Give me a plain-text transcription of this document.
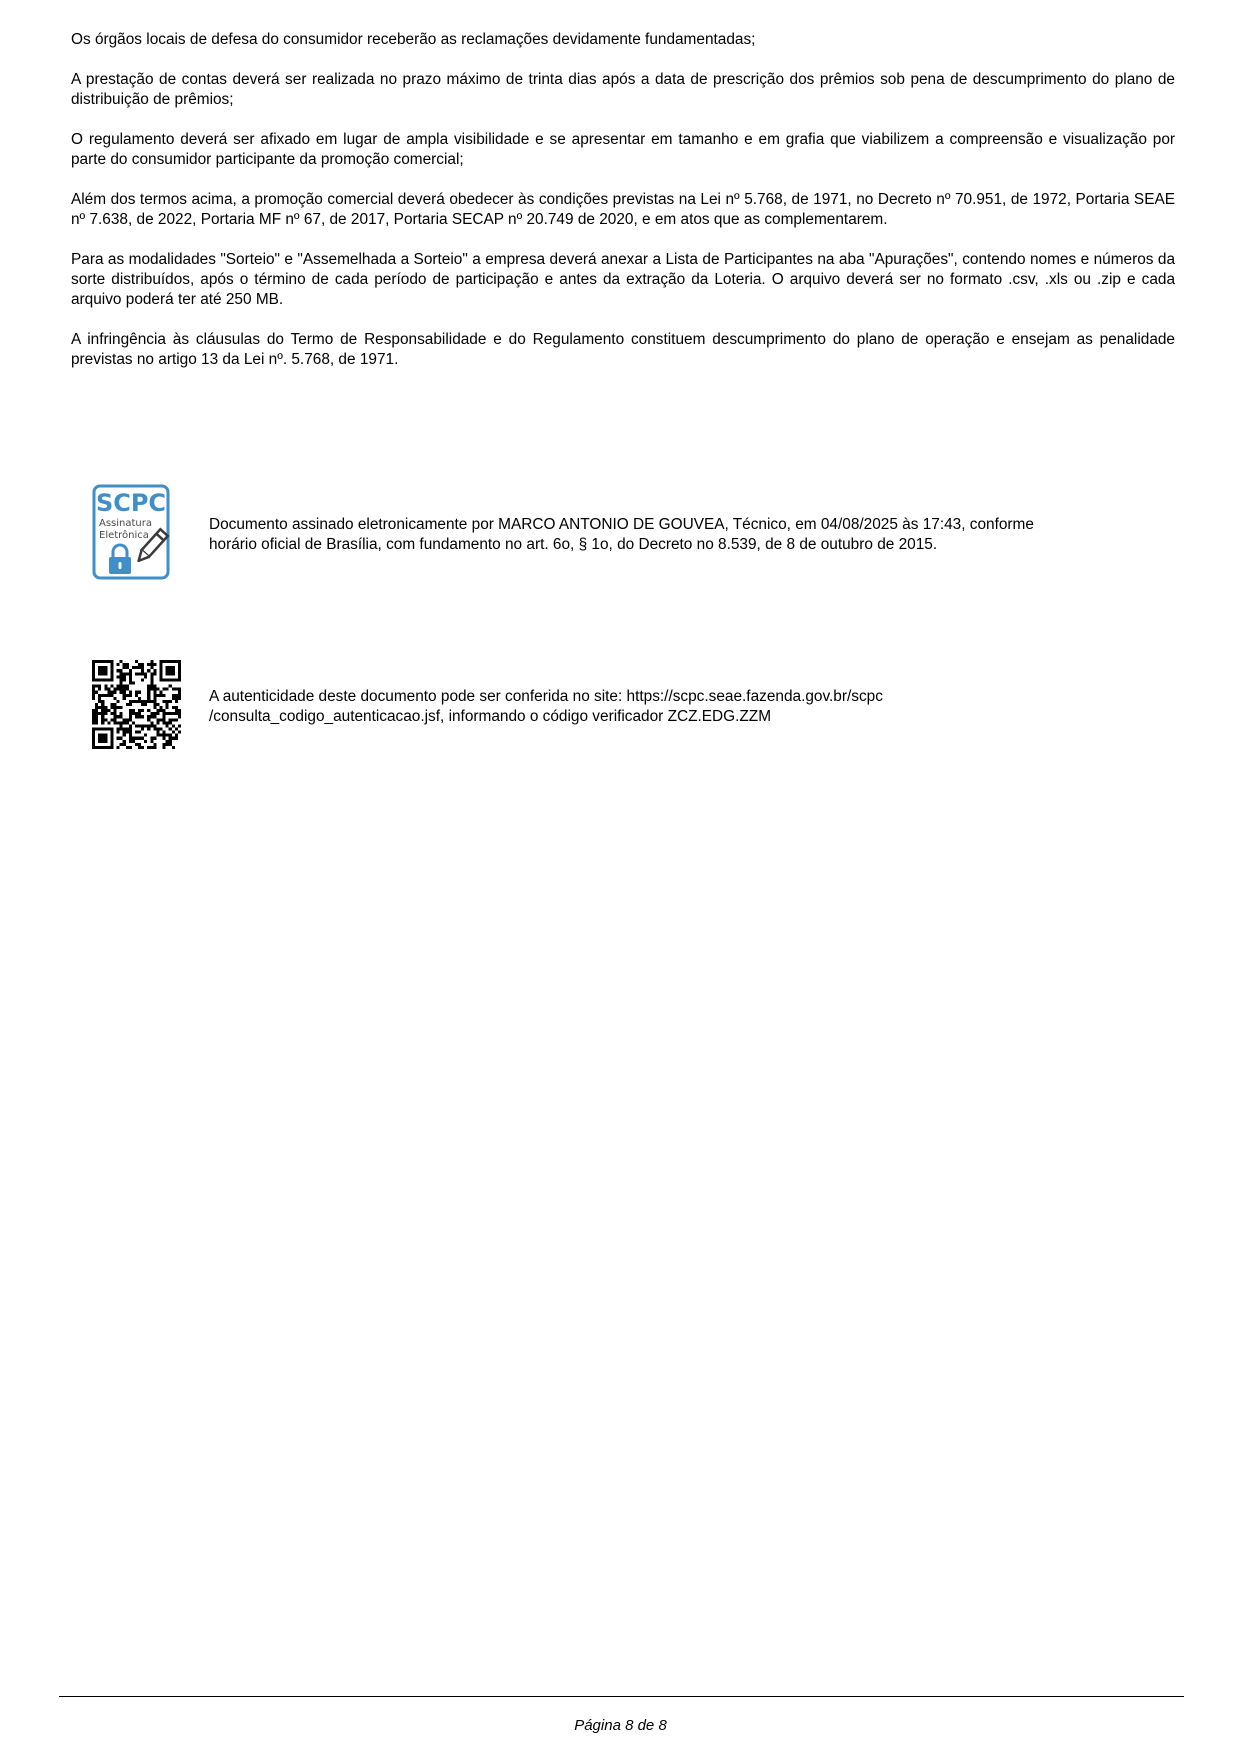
Os órgãos locais de defesa do consumidor receberão as reclamações devidamente fundamentadas;

A prestação de contas deverá ser realizada no prazo máximo de trinta dias após a data de prescrição dos prêmios sob pena de descumprimento do plano de distribuição de prêmios;

O regulamento deverá ser afixado em lugar de ampla visibilidade e se apresentar em tamanho e em grafia que viabilizem a compreensão e visualização por parte do consumidor participante da promoção comercial;

Além dos termos acima, a promoção comercial deverá obedecer às condições previstas na Lei nº 5.768, de 1971, no Decreto nº 70.951, de 1972, Portaria SEAE nº 7.638, de 2022, Portaria MF nº 67, de 2017, Portaria SECAP nº 20.749 de 2020, e em atos que as complementarem.

Para as modalidades "Sorteio" e "Assemelhada a Sorteio" a empresa deverá anexar a Lista de Participantes na aba "Apurações", contendo nomes e números da sorte distribuídos, após o término de cada período de participação e antes da extração da Loteria. O arquivo deverá ser no formato .csv, .xls ou .zip e cada arquivo poderá ter até 250 MB.

A infringência às cláusulas do Termo de Responsabilidade e do Regulamento constituem descumprimento do plano de operação e ensejam as penalidade previstas no artigo 13 da Lei nº. 5.768, de 1971.

SCPC
Assinatura
Eletrônica
Documento assinado eletronicamente por MARCO ANTONIO DE GOUVEA, Técnico, em 04/08/2025 às 17:43, conforme
horário oficial de Brasília, com fundamento no art. 6o, § 1o, do Decreto no 8.539, de 8 de outubro de 2015.
A autenticidade deste documento pode ser conferida no site: https://scpc.seae.fazenda.gov.br/scpc
/consulta_codigo_autenticacao.jsf, informando o código verificador ZCZ.EDG.ZZM
Página 8 de 8
